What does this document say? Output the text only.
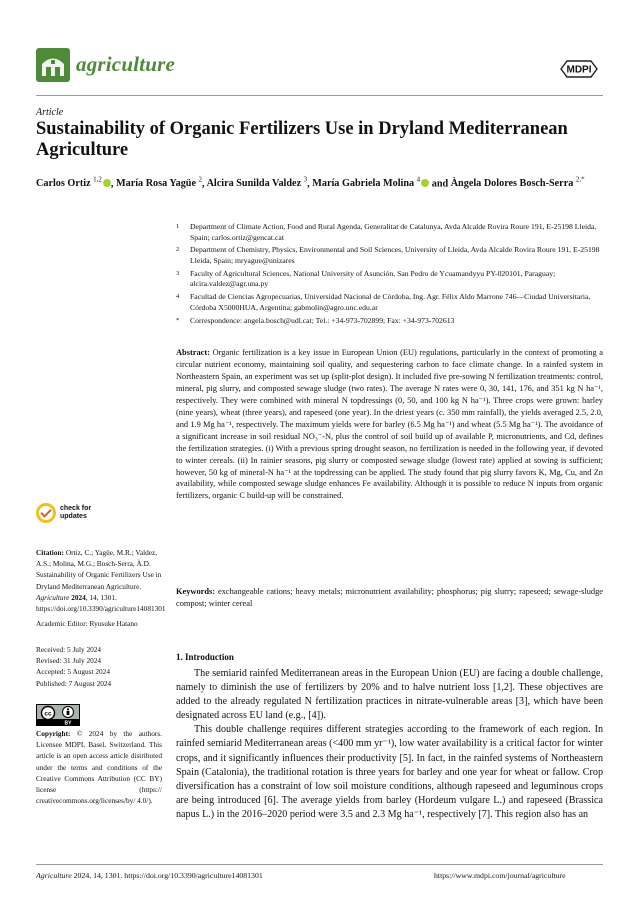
agriculture	MDPI
Article
Sustainability of Organic Fertilizers Use in Dryland Mediterranean Agriculture
Carlos Ortiz $^{1,2}$ , María Rosa Yagüe $^2$, Alcira Sunilda Valdez $^3$, María Gabriela Molina $^4$ and Àngela Dolores Bosch-Serra $^{2,*}$
1	Department of Climate Action, Food and Rural Agenda, Generalitat de Catalunya, Avda Alcalde Rovira Roure 191, E-25198 Lleida, Spain; carlos.ortiz@gencat.cat
2	Department of Chemistry, Physics, Environmental and Soil Sciences, University of Lleida, Avda Alcalde Rovira Roure 191, E-25198 Lleida, Spain; mryague@unizares
3	Faculty of Agricultural Sciences, National University of Asunción, San Pedro de Ycuamandyyu PY-020101, Paraguay; alcira.valdez@agr.una.py
4	Facultad de Ciencias Agropecuarias, Universidad Nacional de Córdoba, Ing. Agr. Félix Aldo Marrone 746—Ciudad Universitaria, Córdoba X5000HUA, Argentina; gabmolin@agro.unc.edu.ar
*	Correspondence: angela.bosch@udl.cat; Tel.: +34-973-702899; Fax: +34-973-702613
Abstract: Organic fertilization is a key issue in European Union (EU) regulations, particularly in the context of promoting a circular nutrient economy, maintaining soil quality, and sequestering carbon to face climate change. In a rainfed system in Northeastern Spain, an experiment was set up (split-plot design). It included five pre-sowing N fertilization treatments: control, mineral, pig slurry, and composted sewage sludge (two rates). The average N rates were 0, 30, 141, 176, and 351 kg N ha⁻¹, respectively. They were combined with mineral N topdressings (0, 50, and 100 kg N ha⁻¹). Three crops were grown: barley (nine years), wheat (three years), and rapeseed (one year). In the driest years (c. 350 mm rainfall), the yields averaged 2.5, 2.0, and 1.9 Mg ha⁻¹, respectively. The maximum yields were for barley (6.5 Mg ha⁻¹) and wheat (5.5 Mg ha⁻¹). The avoidance of a significant increase in soil residual NO₃⁻-N, plus the control of soil build up of available P, micronutrients, and Cd, defines the fertilization strategies. (i) With a previous spring drought season, no fertilization is needed in the following year, if devoted to winter cereals. (ii) In rainier seasons, pig slurry or composted sewage sludge (lowest rate) applied at sowing is sufficient; however, 50 kg of mineral-N ha⁻¹ at the topdressing can be applied. The study found that pig slurry favors K, Mg, Cu, and Zn availability, while composted sewage sludge enhances Fe availability. Although it is possible to reduce N inputs from organic fertilizers, organic C build-up will be constrained.
Keywords: exchangeable cations; heavy metals; micronutrient availability; phosphorus; pig slurry; rapeseed; sewage-sludge compost; winter cereal
check for
updates
Citation: Ortiz, C.; Yagüe, M.R.; Valdez, A.S.; Molina, M.G.; Bosch-Serra, À.D. Sustainability of Organic Fertilizers Use in Dryland Mediterranean Agriculture. Agriculture 2024, 14, 1301. https://doi.org/10.3390/agriculture14081301
Academic Editor: Ryusuke Hatano
Received: 5 July 2024
Revised: 31 July 2024
Accepted: 5 August 2024
Published: 7 August 2024
cc
BY
Copyright: © 2024 by the authors. Licensee MDPI, Basel, Switzerland. This article is an open access article distributed under the terms and conditions of the Creative Commons Attribution (CC BY) license (https:// creativecommons.org/licenses/by/ 4.0/).
1. Introduction

The semiarid rainfed Mediterranean areas in the European Union (EU) are facing a double challenge, namely to diminish the use of fertilizers by 20% and to halve nutrient loss [1,2]. These objectives are added to the already regulated N fertilization practices in nitrate-vulnerable areas [3], which have been designated across EU land (e.g., [4]).

This double challenge requires different strategies according to the framework of each region. In rainfed semiarid Mediterranean areas (<400 mm yr⁻¹), low water availability is a critical factor for winter crops, and it significantly influences their productivity [5]. In fact, in the rainfed systems of Northeastern Spain (Catalonia), the traditional rotation is three years for barley and one year for wheat or fallow. Crop diversification has a constraint of low soil moisture conditions, although rapeseed and leguminous crops are being introduced [6]. The average yields from barley (Hordeum vulgare L.) and rapeseed (Brassica napus L.) in the 2016–2020 period were 3.5 and 2.3 Mg ha⁻¹, respectively [7]. This region also has an

Agriculture 2024, 14, 1301. https://doi.org/10.3390/agriculture14081301	https://www.mdpi.com/journal/agriculture
